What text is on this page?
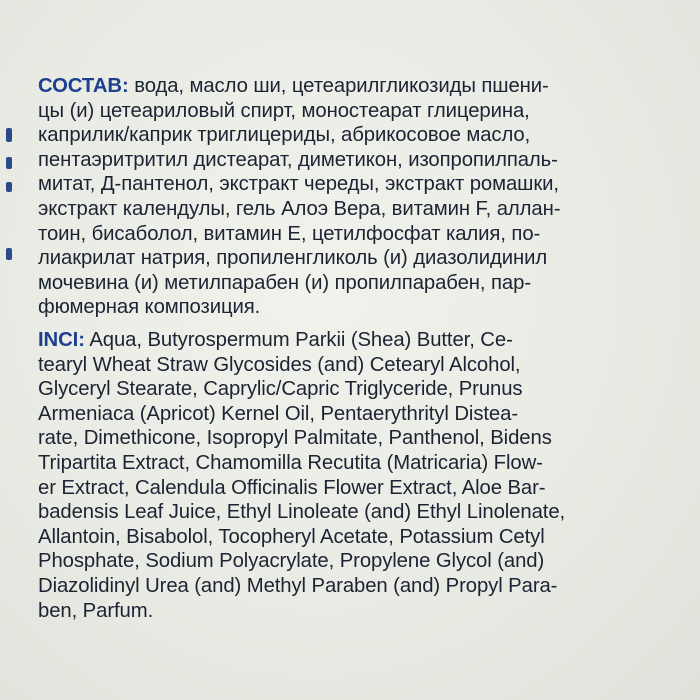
СОСТАВ: вода, масло ши, цетеарилгликозиды пшени-
цы (и) цетеариловый спирт, моностеарат глицерина,
каприлик/каприк триглицериды, абрикосовое масло,
пентаэритритил дистеарат, диметикон, изопропилпаль-
митат, Д-пантенол, экстракт череды, экстракт ромашки,
экстракт календулы, гель Алоэ Вера, витамин F, аллан-
тоин, бисаболол, витамин Е, цетилфосфат калия, по-
лиакрилат натрия, пропиленгликоль (и) диазолидинил
мочевина (и) метилпарабен (и) пропилпарабен, пар-
фюмерная композиция.
INCI: Aqua, Butyrospermum Parkii (Shea) Butter, Ce-
tearyl Wheat Straw Glycosides (and) Cetearyl Alcohol,
Glyceryl Stearate, Caprylic/Capric Triglyceride, Prunus
Armeniaca (Apricot) Kernel Oil, Pentaerythrityl Distea-
rate, Dimethicone, Isopropyl Palmitate, Panthenol, Bidens
Tripartita Extract, Chamomilla Recutita (Matricaria) Flow-
er Extract, Calendula Officinalis Flower Extract, Aloe Bar-
badensis Leaf Juice, Ethyl Linoleate (and) Ethyl Linolenate,
Allantoin, Bisabolol, Tocopheryl Acetate, Potassium Cetyl
Phosphate, Sodium Polyacrylate, Propylene Glycol (and)
Diazolidinyl Urea (and) Methyl Paraben (and) Propyl Para-
ben, Parfum.
